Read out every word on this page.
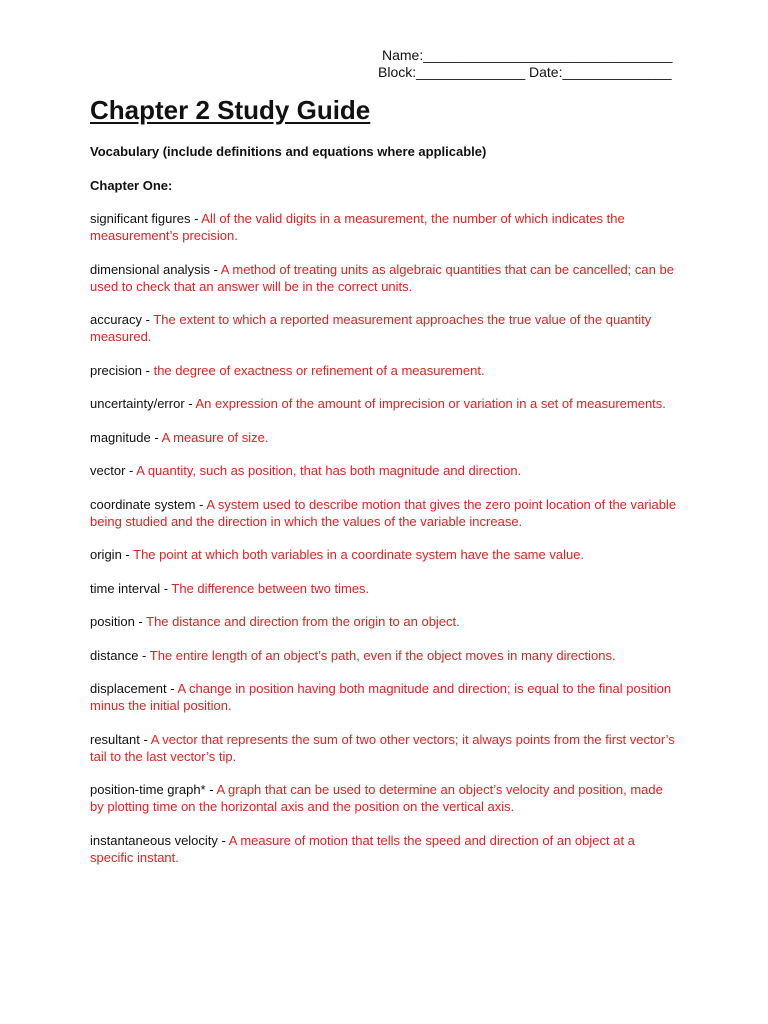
Name:________________________________
Block:______________ Date:______________
Chapter 2 Study Guide
Vocabulary (include definitions and equations where applicable)
Chapter One:

significant figures - All of the valid digits in a measurement, the number of which indicates the measurement’s precision.

dimensional analysis - A method of treating units as algebraic quantities that can be cancelled; can be used to check that an answer will be in the correct units.

accuracy - The extent to which a reported measurement approaches the true value of the quantity measured.

precision - the degree of exactness or refinement of a measurement.

uncertainty/error - An expression of the amount of imprecision or variation in a set of measurements.

magnitude - A measure of size.

vector - A quantity, such as position, that has both magnitude and direction.

coordinate system - A system used to describe motion that gives the zero point location of the variable being studied and the direction in which the values of the variable increase.

origin - The point at which both variables in a coordinate system have the same value.

time interval - The difference between two times.

position - The distance and direction from the origin to an object.

distance - The entire length of an object’s path, even if the object moves in many directions.

displacement - A change in position having both magnitude and direction; is equal to the final position minus the initial position.

resultant - A vector that represents the sum of two other vectors; it always points from the first vector’s tail to the last vector’s tip.

position-time graph* - A graph that can be used to determine an object’s velocity and position, made by plotting time on the horizontal axis and the position on the vertical axis.

instantaneous velocity - A measure of motion that tells the speed and direction of an object at a specific instant.
